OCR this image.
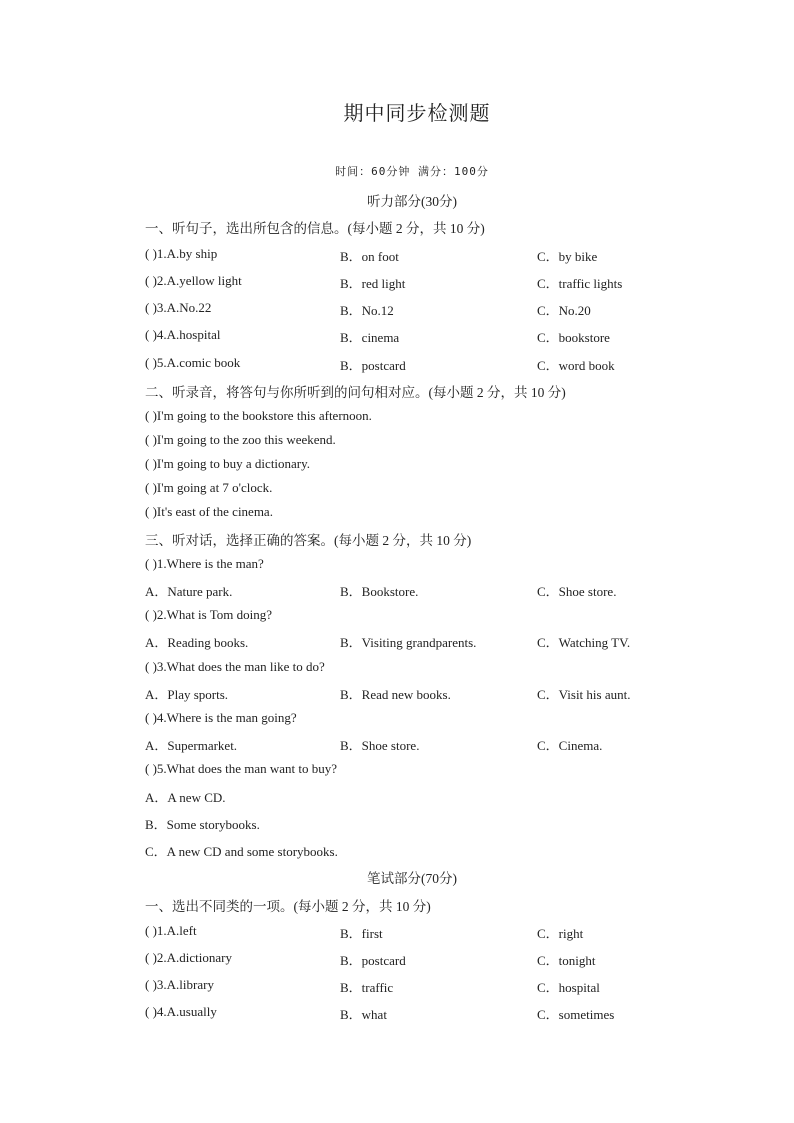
期中同步检测题
时间：60分钟 满分：100分
听力部分(30分)
一、听句子，选出所包含的信息。(每小题 2 分，共 10 分)
( )1.A.by ship	B．on foot	C．by bike
( )2.A.yellow light	B．red light	C．traffic lights
( )3.A.No.22	B．No.12	C．No.20
( )4.A.hospital	B．cinema	C．bookstore
( )5.A.comic book	B．postcard	C．word book
二、听录音，将答句与你所听到的问句相对应。(每小题 2 分，共 10 分)
( )I'm going to the bookstore this afternoon.
( )I'm going to the zoo this weekend.
( )I'm going to buy a dictionary.
( )I'm going at 7 o'clock.
( )It's east of the cinema.
三、听对话，选择正确的答案。(每小题 2 分，共 10 分)
( )1.Where is the man?
A．Nature park.	B．Bookstore.	C．Shoe store.
( )2.What is Tom doing?
A．Reading books.	B．Visiting grandparents.	C．Watching TV.
( )3.What does the man like to do?
A．Play sports.	B．Read new books.	C．Visit his aunt.
( )4.Where is the man going?
A．Supermarket.	B．Shoe store.	C．Cinema.
( )5.What does the man want to buy?
A．A new CD.
B．Some storybooks.
C．A new CD and some storybooks.
笔试部分(70分)
一、选出不同类的一项。(每小题 2 分，共 10 分)
( )1.A.left	B．first	C．right
( )2.A.dictionary	B．postcard	C．tonight
( )3.A.library	B．traffic	C．hospital
( )4.A.usually	B．what	C．sometimes
